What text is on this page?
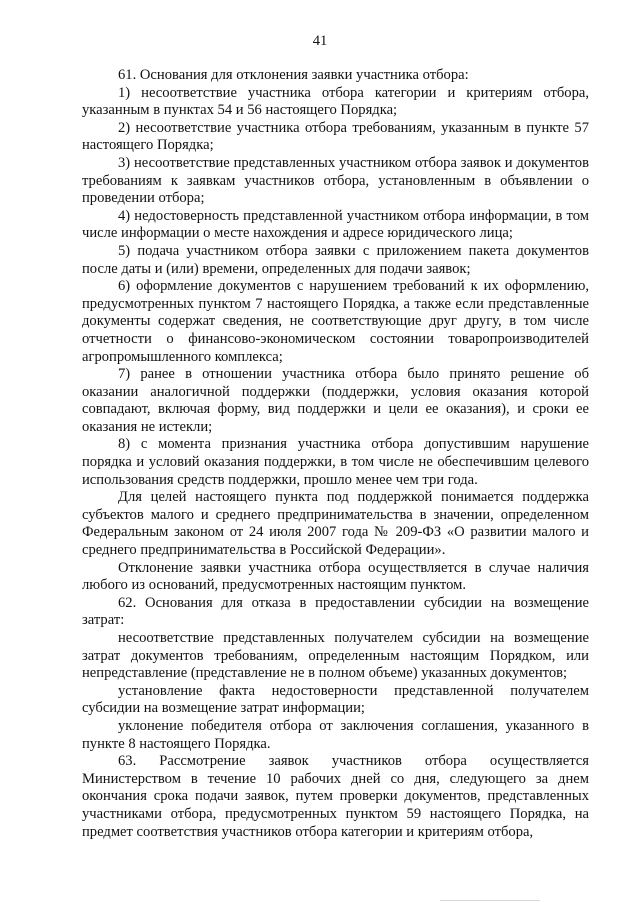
41

61. Основания для отклонения заявки участника отбора:

1) несоответствие участника отбора категории и критериям отбора, указанным в пунктах 54 и 56 настоящего Порядка;

2) несоответствие участника отбора требованиям, указанным в пункте 57 настоящего Порядка;

3) несоответствие представленных участником отбора заявок и документов требованиям к заявкам участников отбора, установленным в объявлении о проведении отбора;

4) недостоверность представленной участником отбора информации, в том числе информации о месте нахождения и адресе юридического лица;

5) подача участником отбора заявки с приложением пакета документов после даты и (или) времени, определенных для подачи заявок;

6) оформление документов с нарушением требований к их оформлению, предусмотренных пунктом 7 настоящего Порядка, а также если представленные документы содержат сведения, не соответствующие друг другу, в том числе отчетности о финансово-экономическом состоянии товаропроизводителей агропромышленного комплекса;

7) ранее в отношении участника отбора было принято решение об оказании аналогичной поддержки (поддержки, условия оказания которой совпадают, включая форму, вид поддержки и цели ее оказания), и сроки ее оказания не истекли;

8) с момента признания участника отбора допустившим нарушение порядка и условий оказания поддержки, в том числе не обеспечившим целевого использования средств поддержки, прошло менее чем три года.

Для целей настоящего пункта под поддержкой понимается поддержка субъектов малого и среднего предпринимательства в значении, определенном Федеральным законом от 24 июля 2007 года № 209-ФЗ «О развитии малого и среднего предпринимательства в Российской Федерации».

Отклонение заявки участника отбора осуществляется в случае наличия любого из оснований, предусмотренных настоящим пунктом.

62. Основания для отказа в предоставлении субсидии на возмещение затрат:

несоответствие представленных получателем субсидии на возмещение затрат документов требованиям, определенным настоящим Порядком, или непредставление (представление не в полном объеме) указанных документов;

установление факта недостоверности представленной получателем субсидии на возмещение затрат информации;

уклонение победителя отбора от заключения соглашения, указанного в пункте 8 настоящего Порядка.

63. Рассмотрение заявок участников отбора осуществляется Министерством в течение 10 рабочих дней со дня, следующего за днем окончания срока подачи заявок, путем проверки документов, представленных участниками отбора, предусмотренных пунктом 59 настоящего Порядка, на предмет соответствия участников отбора категории и критериям отбора,
